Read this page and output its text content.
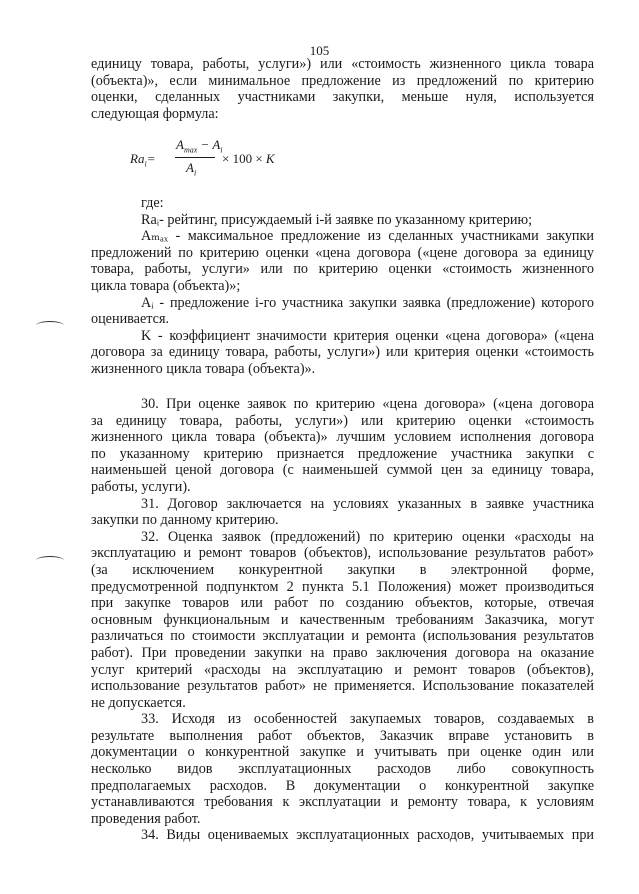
105
единицу товара, работы, услуги») или «стоимость жизненного цикла товара
(объекта)», если минимальное предложение из предложений по критерию
оценки, сделанных участниками закупки, меньше нуля, используется
следующая формула:
$Ra_i=$
$A_{max} - A_i$
$A_i$
× 100 × K
где:
Raᵢ- рейтинг, присуждаемый i-й заявке по указанному критерию;
Aₘₐₓ - максимальное предложение из сделанных участниками закупки
предложений по критерию оценки «цена договора («цене договора за единицу
товара, работы, услуги» или по критерию оценки «стоимость жизненного
цикла товара (объекта)»;
Aᵢ - предложение i-го участника закупки заявка (предложение) которого
оценивается.
K - коэффициент значимости критерия оценки «цена договора» («цена
договора за единицу товара, работы, услуги») или критерия оценки «стоимость
жизненного цикла товара (объекта)».
30. При оценке заявок по критерию «цена договора» («цена договора
за единицу товара, работы, услуги») или критерию оценки «стоимость
жизненного цикла товара (объекта)» лучшим условием исполнения договора
по указанному критерию признается предложение участника закупки с
наименьшей ценой договора (с наименьшей суммой цен за единицу товара,
работы, услуги).
31. Договор заключается на условиях указанных в заявке участника
закупки по данному критерию.
32. Оценка заявок (предложений) по критерию оценки «расходы на
эксплуатацию и ремонт товаров (объектов), использование результатов работ»
(за исключением конкурентной закупки в электронной форме,
предусмотренной подпунктом 2 пункта 5.1 Положения) может производиться
при закупке товаров или работ по созданию объектов, которые, отвечая
основным функциональным и качественным требованиям Заказчика, могут
различаться по стоимости эксплуатации и ремонта (использования результатов
работ). При проведении закупки на право заключения договора на оказание
услуг критерий «расходы на эксплуатацию и ремонт товаров (объектов),
использование результатов работ» не применяется. Использование показателей
не допускается.
33. Исходя из особенностей закупаемых товаров, создаваемых в
результате выполнения работ объектов, Заказчик вправе установить в
документации о конкурентной закупке и учитывать при оценке один или
несколько видов эксплуатационных расходов либо совокупность
предполагаемых расходов. В документации о конкурентной закупке
устанавливаются требования к эксплуатации и ремонту товара, к условиям
проведения работ.
34. Виды оцениваемых эксплуатационных расходов, учитываемых при
